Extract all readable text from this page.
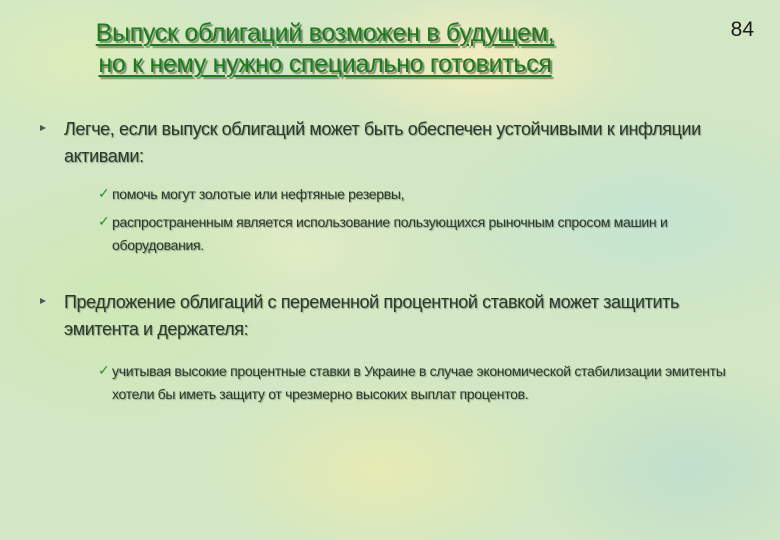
84
Выпуск облигаций возможен в будущем,
но к нему нужно специально готовиться
Легче, если выпуск облигаций может быть обеспечен устойчивыми к инфляции активами:
✓ помочь могут золотые или нефтяные резервы,
✓ распространенным является использование пользующихся рыночным спросом машин и оборудования.
Предложение облигаций с переменной процентной ставкой может защитить эмитента и держателя:
✓ учитывая высокие процентные ставки в Украине в случае экономической стабилизации эмитенты хотели бы иметь защиту от чрезмерно высоких выплат процентов.
